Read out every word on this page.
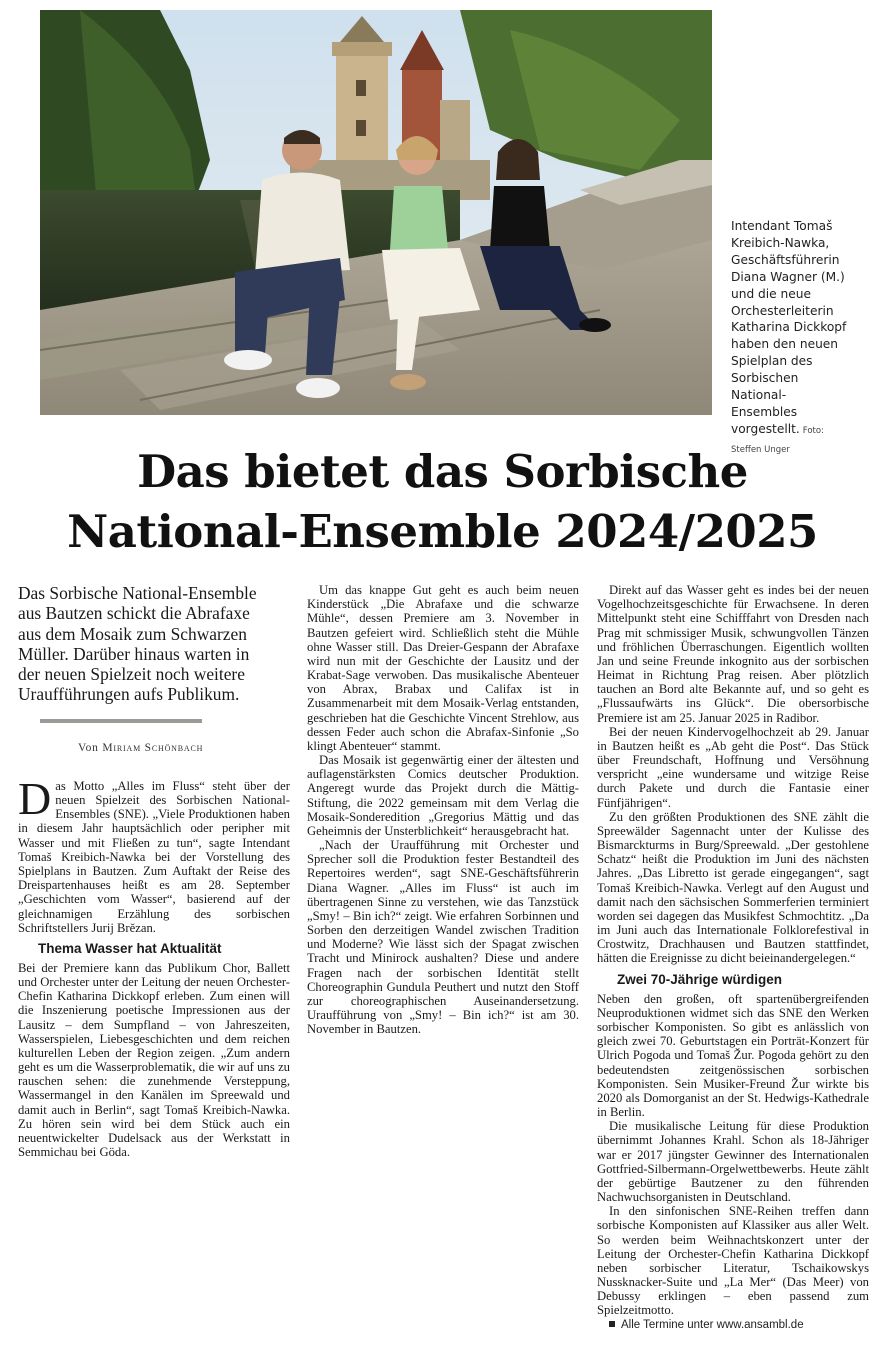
Intendant Tomaš Kreibich-Nawka, Geschäftsführerin Diana Wagner (M.) und die neue Orchesterleiterin Katharina Dickkopf haben den neuen Spielplan des Sorbischen National-Ensembles vorgestellt. Foto: Steffen Unger
Das bietet das Sorbische
National-Ensemble 2024/2025

Das Sorbische National-Ensemble aus Bautzen schickt die Abrafaxe aus dem Mosaik zum Schwarzen Müller. Darüber hinaus warten in der neuen Spielzeit noch weitere Uraufführungen aufs Publikum.

Von Miriam Schönbach

Das Motto „Alles im Fluss“ steht über der neuen Spielzeit des Sorbischen National-Ensembles (SNE). „Viele Produktionen haben in diesem Jahr hauptsächlich oder peripher mit Wasser und mit Fließen zu tun“, sagte Intendant Tomaš Kreibich-Nawka bei der Vorstellung des Spielplans in Bautzen. Zum Auftakt der Reise des Dreispartenhauses heißt es am 28. September „Geschichten vom Wasser“, basierend auf der gleichnamigen Erzählung des sorbischen Schriftstellers Jurij Brězan.

Thema Wasser hat Aktualität

Bei der Premiere kann das Publikum Chor, Ballett und Orchester unter der Leitung der neuen Orchester-Chefin Katharina Dickkopf erleben. Zum einen will die Inszenierung poetische Impressionen aus der Lausitz – dem Sumpfland – von Jahreszeiten, Wasserspielen, Liebesgeschichten und dem reichen kulturellen Leben der Region zeigen. „Zum andern geht es um die Wasserproblematik, die wir auf uns zu rauschen sehen: die zunehmende Versteppung, Wassermangel in den Kanälen im Spreewald und damit auch in Berlin“, sagt Tomaš Kreibich-Nawka. Zu hören sein wird bei dem Stück auch ein neuentwickelter Dudelsack aus der Werkstatt in Semmichau bei Göda.

Um das knappe Gut geht es auch beim neuen Kinderstück „Die Abrafaxe und die schwarze Mühle“, dessen Premiere am 3. November in Bautzen gefeiert wird. Schließlich steht die Mühle ohne Wasser still. Das Dreier-Gespann der Abrafaxe wird nun mit der Geschichte der Lausitz und der Krabat-Sage verwoben. Das musikalische Abenteuer von Abrax, Brabax und Califax ist in Zusammenarbeit mit dem Mosaik-Verlag entstanden, geschrieben hat die Geschichte Vincent Strehlow, aus dessen Feder auch schon die Abrafax-Sinfonie „So klingt Abenteuer“ stammt.

Das Mosaik ist gegenwärtig einer der ältesten und auflagenstärksten Comics deutscher Produktion. Angeregt wurde das Projekt durch die Mättig-Stiftung, die 2022 gemeinsam mit dem Verlag die Mosaik-Sonderedition „Gregorius Mättig und das Geheimnis der Unsterblichkeit“ herausgebracht hat.

„Nach der Uraufführung mit Orchester und Sprecher soll die Produktion fester Bestandteil des Repertoires werden“, sagt SNE-Geschäftsführerin Diana Wagner. „Alles im Fluss“ ist auch im übertragenen Sinne zu verstehen, wie das Tanzstück „Smy! – Bin ich?“ zeigt. Wie erfahren Sorbinnen und Sorben den derzeitigen Wandel zwischen Tradition und Moderne? Wie lässt sich der Spagat zwischen Tracht und Minirock aushalten? Diese und andere Fragen nach der sorbischen Identität stellt Choreographin Gundula Peuthert und nutzt den Stoff zur choreographischen Auseinandersetzung. Uraufführung von „Smy! – Bin ich?“ ist am 30. November in Bautzen.

Direkt auf das Wasser geht es indes bei der neuen Vogelhochzeitsgeschichte für Erwachsene. In deren Mittelpunkt steht eine Schifffahrt von Dresden nach Prag mit schmissiger Musik, schwungvollen Tänzen und fröhlichen Überraschungen. Eigentlich wollten Jan und seine Freunde inkognito aus der sorbischen Heimat in Richtung Prag reisen. Aber plötzlich tauchen an Bord alte Bekannte auf, und so geht es „Flussaufwärts ins Glück“. Die obersorbische Premiere ist am 25. Januar 2025 in Radibor.

Bei der neuen Kindervogelhochzeit ab 29. Januar in Bautzen heißt es „Ab geht die Post“. Das Stück über Freundschaft, Hoffnung und Versöhnung verspricht „eine wundersame und witzige Reise durch Pakete und durch die Fantasie einer Fünfjährigen“.

Zu den größten Produktionen des SNE zählt die Spreewälder Sagennacht unter der Kulisse des Bismarckturms in Burg/Spreewald. „Der gestohlene Schatz“ heißt die Produktion im Juni des nächsten Jahres. „Das Libretto ist gerade eingegangen“, sagt Tomaš Kreibich-Nawka. Verlegt auf den August und damit nach den sächsischen Sommerferien terminiert worden sei dagegen das Musikfest Schmochtitz. „Da im Juni auch das Internationale Folklorefestival in Crostwitz, Drachhausen und Bautzen stattfindet, hätten die Ereignisse zu dicht beieinandergelegen.“

Zwei 70-Jährige würdigen

Neben den großen, oft spartenübergreifenden Neuproduktionen widmet sich das SNE den Werken sorbischer Komponisten. So gibt es anlässlich von gleich zwei 70. Geburtstagen ein Porträt-Konzert für Ulrich Pogoda und Tomaš Žur. Pogoda gehört zu den bedeutendsten zeitgenössischen sorbischen Komponisten. Sein Musiker-Freund Žur wirkte bis 2020 als Domorganist an der St. Hedwigs-Kathedrale in Berlin.

Die musikalische Leitung für diese Produktion übernimmt Johannes Krahl. Schon als 18-Jähriger war er 2017 jüngster Gewinner des Internationalen Gottfried-Silbermann-Orgelwettbewerbs. Heute zählt der gebürtige Bautzener zu den führenden Nachwuchsorganisten in Deutschland.

In den sinfonischen SNE-Reihen treffen dann sorbische Komponisten auf Klassiker aus aller Welt. So werden beim Weihnachtskonzert unter der Leitung der Orchester-Chefin Katharina Dickkopf neben sorbischer Literatur, Tschaikowskys Nussknacker-Suite und „La Mer“ (Das Meer) von Debussy erklingen – eben passend zum Spielzeitmotto.

Alle Termine unter www.ansambl.de
